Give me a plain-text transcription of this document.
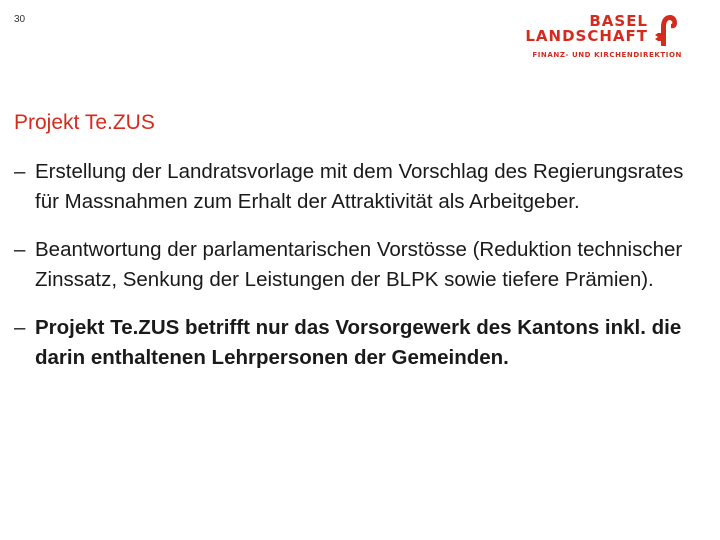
30	BASEL
LANDSCHAFT
FINANZ- UND KIRCHENDIREKTION
Projekt Te.ZUS
– Erstellung der Landratsvorlage mit dem Vorschlag des Regierungsrates für Massnahmen zum Erhalt der Attraktivität als Arbeitgeber.
– Beantwortung der parlamentarischen Vorstösse (Reduktion technischer Zinssatz, Senkung der Leistungen der BLPK sowie tiefere Prämien).
– Projekt Te.ZUS betrifft nur das Vorsorgewerk des Kantons inkl. die darin enthaltenen Lehrpersonen der Gemeinden.
